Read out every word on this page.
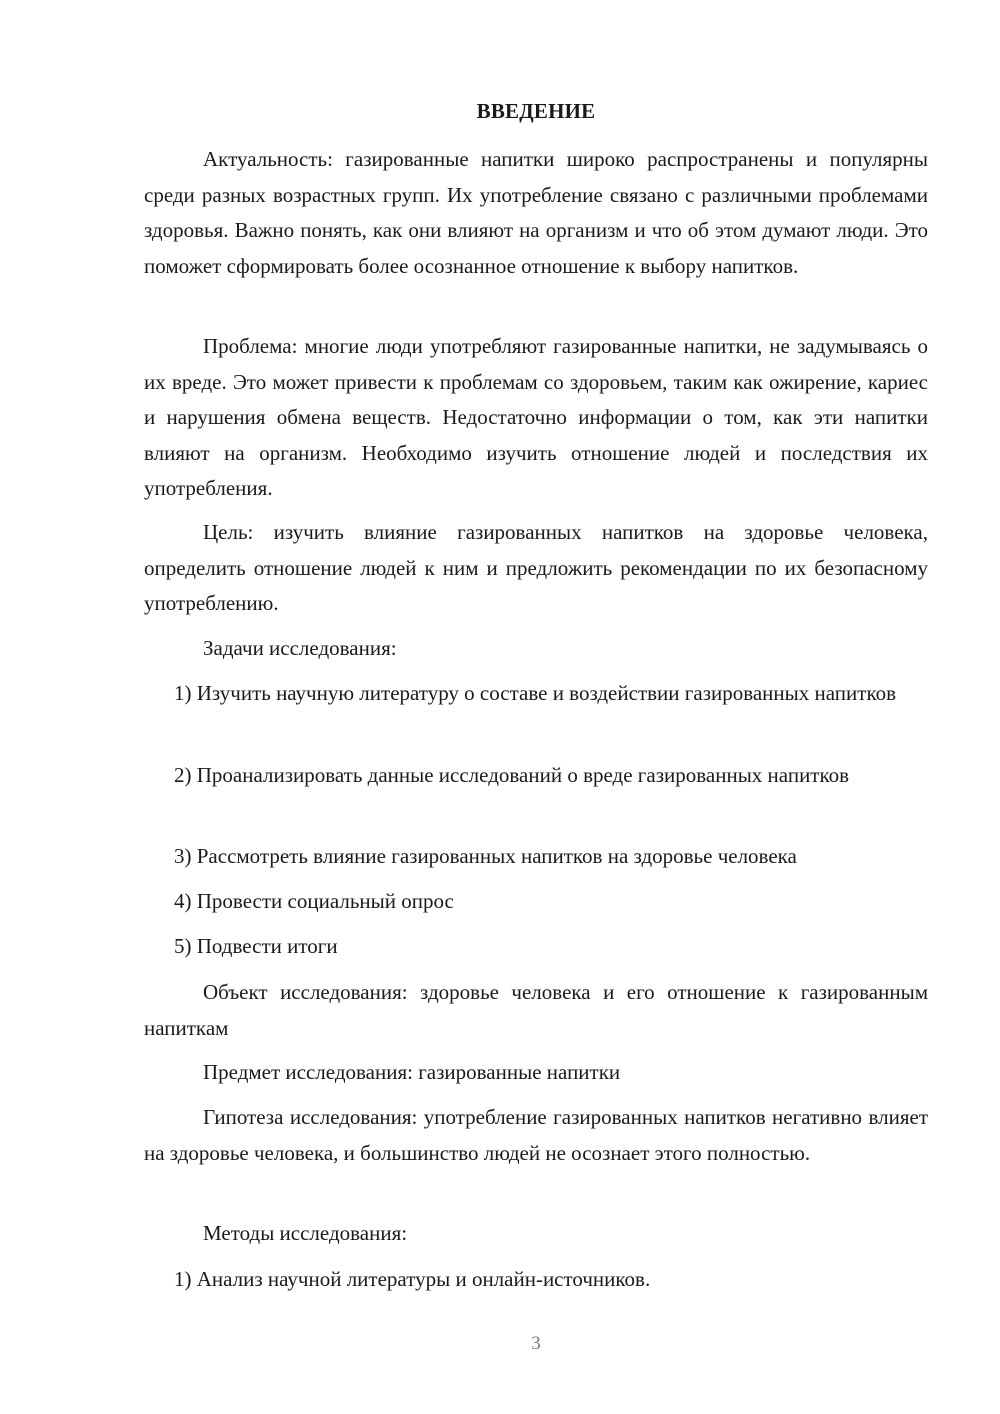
ВВЕДЕНИЕ

Актуальность: газированные напитки широко распространены и популярны среди разных возрастных групп. Их употребление связано с различными проблемами здоровья. Важно понять, как они влияют на организм и что об этом думают люди. Это поможет сформировать более осознанное отношение к выбору напитков.

Проблема: многие люди употребляют газированные напитки, не задумываясь о их вреде. Это может привести к проблемам со здоровьем, таким как ожирение, кариес и нарушения обмена веществ. Недостаточно информации о том, как эти напитки влияют на организм. Необходимо изучить отношение людей и последствия их употребления.

Цель: изучить влияние газированных напитков на здоровье человека, определить отношение людей к ним и предложить рекомендации по их безопасному употреблению.

Задачи исследования:

1) Изучить научную литературу о составе и воздействии газированных напитков

2) Проанализировать данные исследований о вреде газированных напитков

3) Рассмотреть влияние газированных напитков на здоровье человека

4) Провести социальный опрос

5) Подвести итоги

Объект исследования: здоровье человека и его отношение к газированным напиткам

Предмет исследования: газированные напитки

Гипотеза исследования: употребление газированных напитков негативно влияет на здоровье человека, и большинство людей не осознает этого полностью.

Методы исследования:

1) Анализ научной литературы и онлайн-источников.

3
